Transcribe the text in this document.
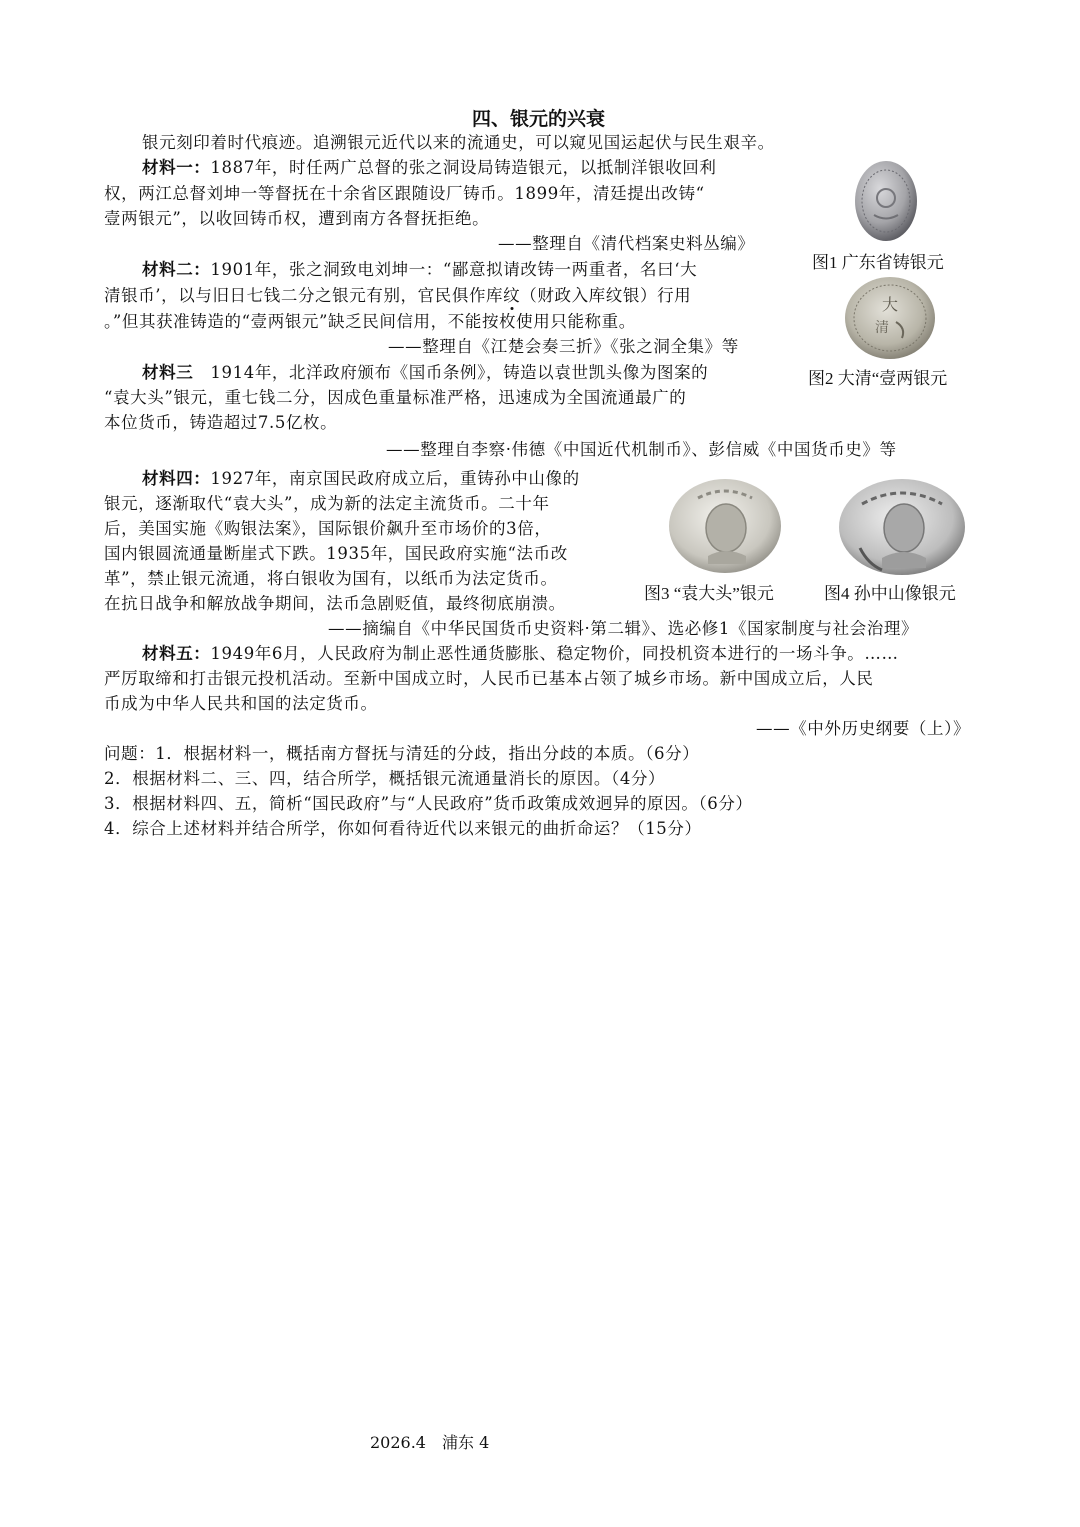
四、银元的兴衰
银元刻印着时代痕迹。追溯银元近代以来的流通史，可以窥见国运起伏与民生艰辛。
材料一：1887年，时任两广总督的张之洞设局铸造银元，以抵制洋银收回利
权，两江总督刘坤一等督抚在十余省区跟随设厂铸币。1899年，清廷提出改铸“
壹两银元”，以收回铸币权，遭到南方各督抚拒绝。
——整理自《清代档案史料丛编》
材料二：1901年，张之洞致电刘坤一：“鄙意拟请改铸一两重者，名曰‘大
清银币’，以与旧日七钱二分之银元有别，官民俱作库纹（财政入库纹银）行用
。”但其获准铸造的“壹两银元”缺乏民间信用，不能按枚使用只能称重。
——整理自《江楚会奏三折》《张之洞全集》等
材料三　 1914年，北洋政府颁布《国币条例》，铸造以袁世凯头像为图案的
“袁大头”银元，重七钱二分，因成色重量标准严格，迅速成为全国流通最广的
本位货币，铸造超过7.5亿枚。
——整理自李察·伟德《中国近代机制币》、彭信威《中国货币史》等
材料四：1927年，南京国民政府成立后，重铸孙中山像的
银元，逐渐取代“袁大头”，成为新的法定主流货币。二十年
后，美国实施《购银法案》，国际银价飙升至市场价的3倍，
国内银圆流通量断崖式下跌。1935年，国民政府实施“法币改
革”，禁止银元流通，将白银收为国有，以纸币为法定货币。
在抗日战争和解放战争期间，法币急剧贬值，最终彻底崩溃。
——摘编自《中华民国货币史资料·第二辑》、选必修1《国家制度与社会治理》
材料五：1949年6月，人民政府为制止恶性通货膨胀、稳定物价，同投机资本进行的一场斗争。……
严厉取缔和打击银元投机活动。至新中国成立时，人民币已基本占领了城乡市场。新中国成立后，人民
币成为中华人民共和国的法定货币。
——《中外历史纲要（上）》
问题：1．根据材料一，概括南方督抚与清廷的分歧，指出分歧的本质。（6分）
2．根据材料二、三、四，结合所学，概括银元流通量消长的原因。（4分）
3．根据材料四、五，简析“国民政府”与“人民政府”货币政策成效迥异的原因。（6分）
4．综合上述材料并结合所学，你如何看待近代以来银元的曲折命运？（15分）
图1 广东省铸银元
大
清
图2 大清“壹两银元
图3 “袁大头”银元	图4 孙中山像银元
2026.4　浦东 4
